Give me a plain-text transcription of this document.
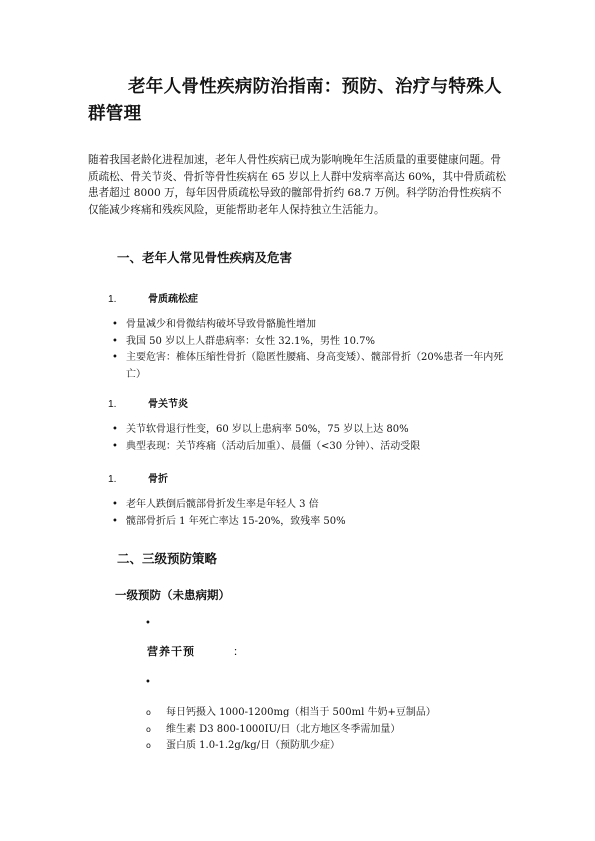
老年人骨性疾病防治指南：预防、治疗与特殊人群管理

随着我国老龄化进程加速，老年人骨性疾病已成为影响晚年生活质量的重要健康问题。骨质疏松、骨关节炎、骨折等骨性疾病在 65 岁以上人群中发病率高达 60%，其中骨质疏松患者超过 8000 万，每年因骨质疏松导致的髋部骨折约 68.7 万例。科学防治骨性疾病不仅能减少疼痛和残疾风险，更能帮助老年人保持独立生活能力。

一、老年人常见骨性疾病及危害
1.	骨质疏松症
• 骨量减少和骨微结构破坏导致骨骼脆性增加
• 我国 50 岁以上人群患病率：女性 32.1%，男性 10.7%
• 主要危害：椎体压缩性骨折（隐匿性腰痛、身高变矮）、髋部骨折（20%患者一年内死亡）
1.	骨关节炎
• 关节软骨退行性变，60 岁以上患病率 50%，75 岁以上达 80%
• 典型表现：关节疼痛（活动后加重）、晨僵（<30 分钟）、活动受限
1.	骨折
• 老年人跌倒后髋部骨折发生率是年轻人 3 倍
• 髋部骨折后 1 年死亡率达 15-20%，致残率 50%
二、三级预防策略
一级预防（未患病期）
•
营养干预	：
•
o 每日钙摄入 1000-1200mg（相当于 500ml 牛奶+豆制品）
o 维生素 D3 800-1000IU/日（北方地区冬季需加量）
o 蛋白质 1.0-1.2g/kg/日（预防肌少症）
